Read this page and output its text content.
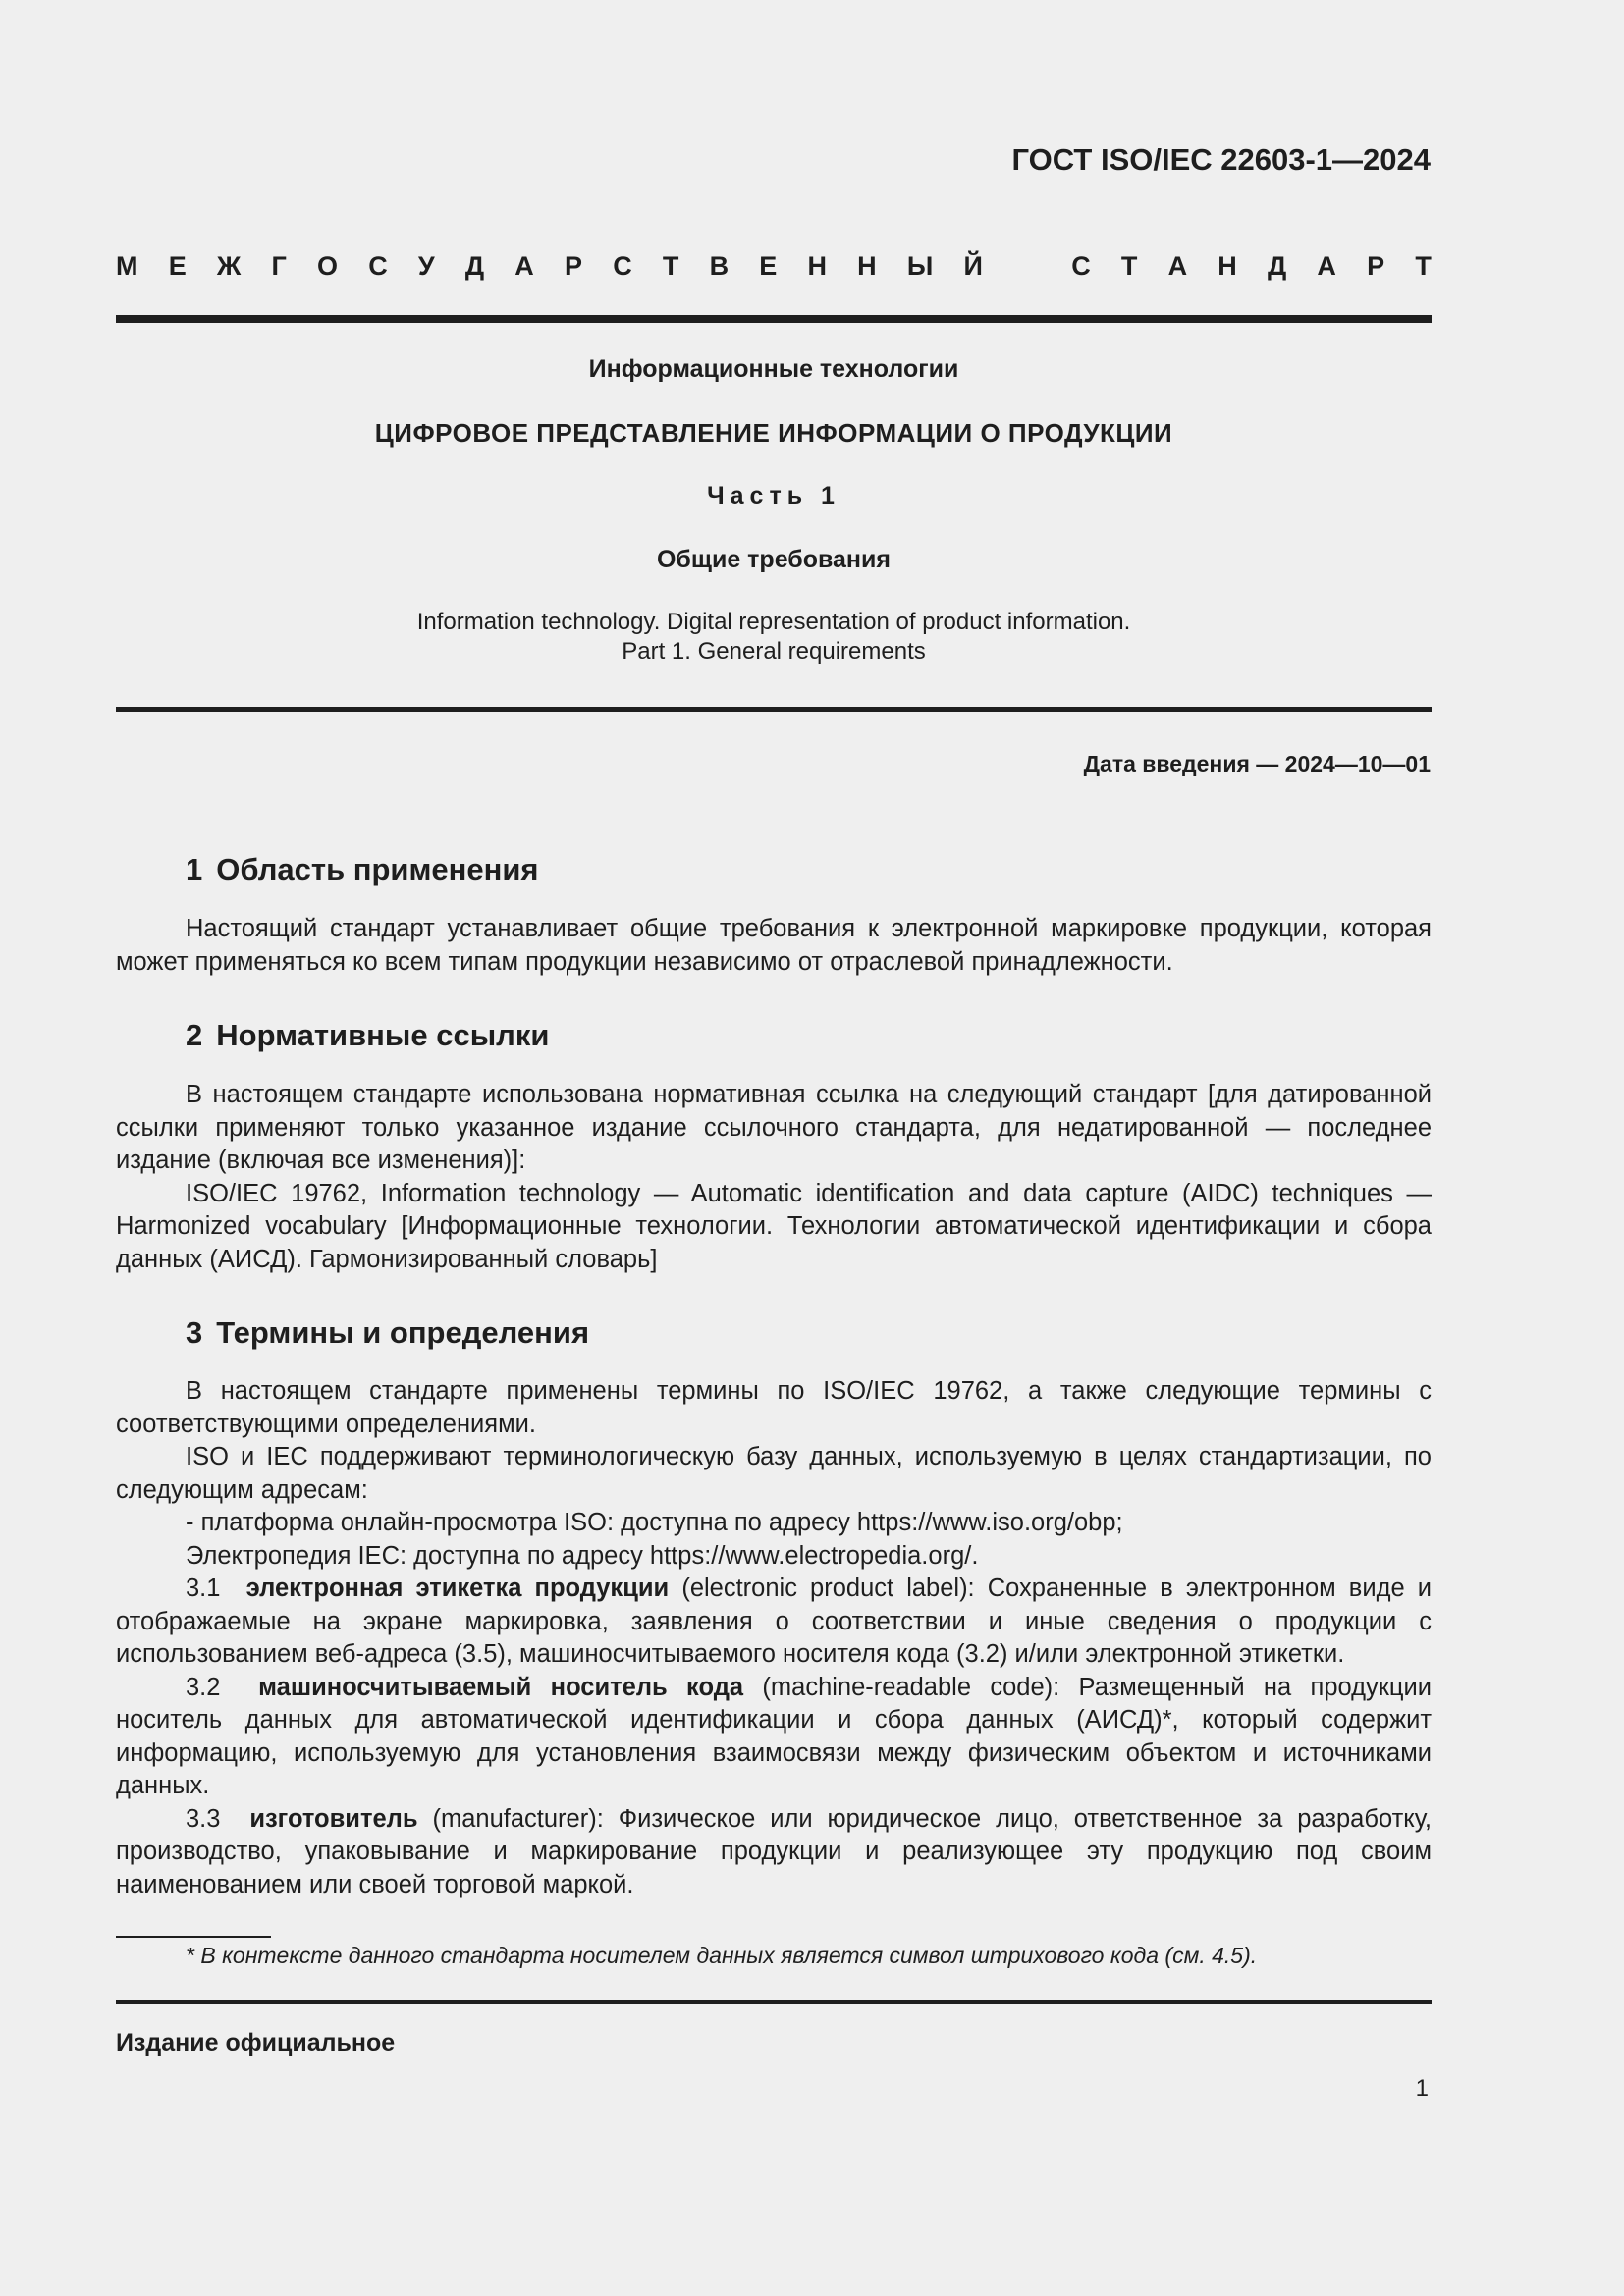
ГОСТ ISO/IEC 22603-1—2024
М Е Ж Г О С У Д А Р С Т В Е Н Н Ы Й	С Т А Н Д А Р Т
Информационные технологии
ЦИФРОВОЕ ПРЕДСТАВЛЕНИЕ ИНФОРМАЦИИ О ПРОДУКЦИИ
Часть 1
Общие требования
Information technology. Digital representation of product information.
Part 1. General requirements
Дата введения — 2024—10—01
1 Область применения

Настоящий стандарт устанавливает общие требования к электронной маркировке продукции, которая может применяться ко всем типам продукции независимо от отраслевой принадлежности.

2 Нормативные ссылки

В настоящем стандарте использована нормативная ссылка на следующий стандарт [для датированной ссылки применяют только указанное издание ссылочного стандарта, для недатированной — последнее издание (включая все изменения)]:

ISO/IEC 19762, Information technology — Automatic identification and data capture (AIDC) techniques — Harmonized vocabulary [Информационные технологии. Технологии автоматической идентификации и сбора данных (АИСД). Гармонизированный словарь]

3 Термины и определения

В настоящем стандарте применены термины по ISO/IEC 19762, а также следующие термины с соответствующими определениями.

ISO и IEC поддерживают терминологическую базу данных, используемую в целях стандартизации, по следующим адресам:

- платформа онлайн-просмотра ISO: доступна по адресу https://www.iso.org/obp;

Электропедия IEC: доступна по адресу https://www.electropedia.org/.

3.1 электронная этикетка продукции (electronic product label): Сохраненные в электронном виде и отображаемые на экране маркировка, заявления о соответствии и иные сведения о продукции с использованием веб-адреса (3.5), машиносчитываемого носителя кода (3.2) и/или электронной этикетки.

3.2 машиносчитываемый носитель кода (machine-readable code): Размещенный на продукции носитель данных для автоматической идентификации и сбора данных (АИСД)*, который содержит информацию, используемую для установления взаимосвязи между физическим объектом и источниками данных.

3.3 изготовитель (manufacturer): Физическое или юридическое лицо, ответственное за разработку, производство, упаковывание и маркирование продукции и реализующее эту продукцию под своим наименованием или своей торговой маркой.

* В контексте данного стандарта носителем данных является символ штрихового кода (см. 4.5).
Издание официальное
1
